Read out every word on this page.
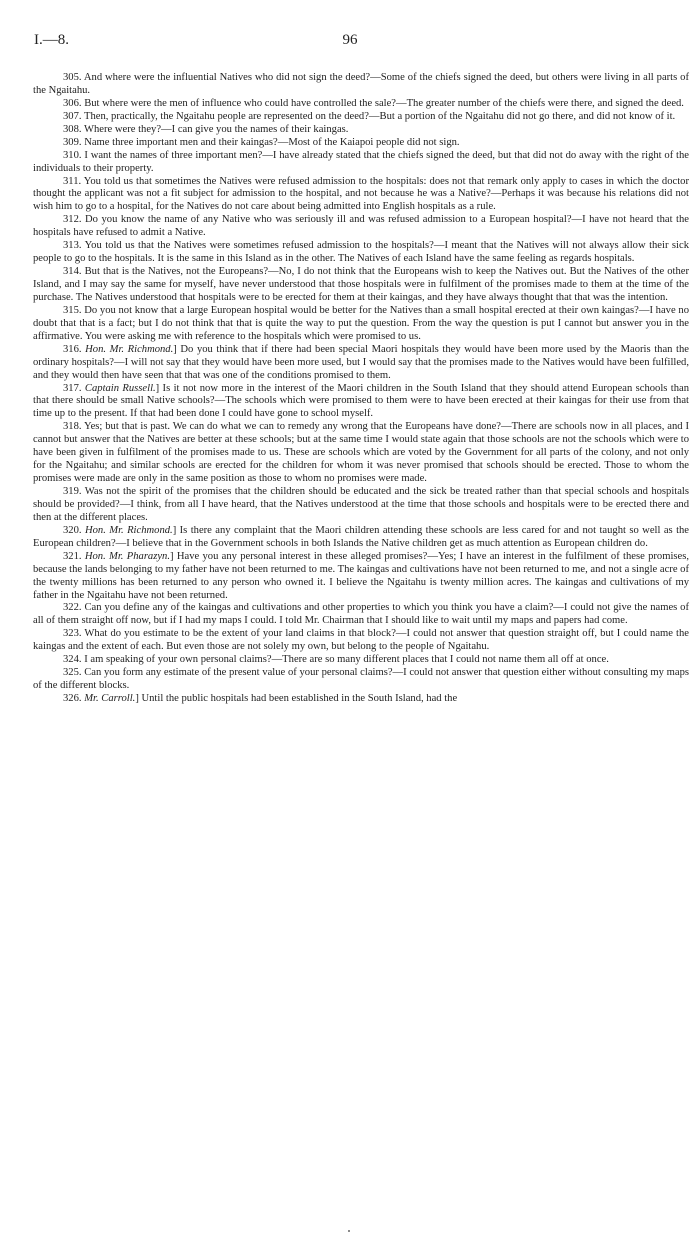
I.—8.	96

305. And where were the influential Natives who did not sign the deed?—Some of the chiefs signed the deed, but others were living in all parts of the Ngaitahu.

306. But where were the men of influence who could have controlled the sale?—The greater number of the chiefs were there, and signed the deed.

307. Then, practically, the Ngaitahu people are represented on the deed?—But a portion of the Ngaitahu did not go there, and did not know of it.

308. Where were they?—I can give you the names of their kaingas.

309. Name three important men and their kaingas?—Most of the Kaiapoi people did not sign.

310. I want the names of three important men?—I have already stated that the chiefs signed the deed, but that did not do away with the right of the individuals to their property.

311. You told us that sometimes the Natives were refused admission to the hospitals: does not that remark only apply to cases in which the doctor thought the applicant was not a fit subject for admission to the hospital, and not because he was a Native?—Perhaps it was because his relations did not wish him to go to a hospital, for the Natives do not care about being admitted into English hospitals as a rule.

312. Do you know the name of any Native who was seriously ill and was refused admission to a European hospital?—I have not heard that the hospitals have refused to admit a Native.

313. You told us that the Natives were sometimes refused admission to the hospitals?—I meant that the Natives will not always allow their sick people to go to the hospitals. It is the same in this Island as in the other. The Natives of each Island have the same feeling as regards hospitals.

314. But that is the Natives, not the Europeans?—No, I do not think that the Europeans wish to keep the Natives out. But the Natives of the other Island, and I may say the same for myself, have never understood that those hospitals were in fulfilment of the promises made to them at the time of the purchase. The Natives understood that hospitals were to be erected for them at their kaingas, and they have always thought that that was the intention.

315. Do you not know that a large European hospital would be better for the Natives than a small hospital erected at their own kaingas?—I have no doubt that that is a fact; but I do not think that that is quite the way to put the question. From the way the question is put I cannot but answer you in the affirmative. You were asking me with reference to the hospitals which were promised to us.

316. Hon. Mr. Richmond.] Do you think that if there had been special Maori hospitals they would have been more used by the Maoris than the ordinary hospitals?—I will not say that they would have been more used, but I would say that the promises made to the Natives would have been fulfilled, and they would then have seen that that was one of the conditions promised to them.

317. Captain Russell.] Is it not now more in the interest of the Maori children in the South Island that they should attend European schools than that there should be small Native schools?—The schools which were promised to them were to have been erected at their kaingas for their use from that time up to the present. If that had been done I could have gone to school myself.

318. Yes; but that is past. We can do what we can to remedy any wrong that the Europeans have done?—There are schools now in all places, and I cannot but answer that the Natives are better at these schools; but at the same time I would state again that those schools are not the schools which were to have been given in fulfilment of the promises made to us. These are schools which are voted by the Government for all parts of the colony, and not only for the Ngaitahu; and similar schools are erected for the children for whom it was never promised that schools should be erected. Those to whom the promises were made are only in the same position as those to whom no promises were made.

319. Was not the spirit of the promises that the children should be educated and the sick be treated rather than that special schools and hospitals should be provided?—I think, from all I have heard, that the Natives understood at the time that those schools and hospitals were to be erected there and then at the different places.

320. Hon. Mr. Richmond.] Is there any complaint that the Maori children attending these schools are less cared for and not taught so well as the European children?—I believe that in the Government schools in both Islands the Native children get as much attention as European children do.

321. Hon. Mr. Pharazyn.] Have you any personal interest in these alleged promises?—Yes; I have an interest in the fulfilment of these promises, because the lands belonging to my father have not been returned to me. The kaingas and cultivations have not been returned to me, and not a single acre of the twenty millions has been returned to any person who owned it. I believe the Ngaitahu is twenty million acres. The kaingas and cultivations of my father in the Ngaitahu have not been returned.

322. Can you define any of the kaingas and cultivations and other properties to which you think you have a claim?—I could not give the names of all of them straight off now, but if I had my maps I could. I told Mr. Chairman that I should like to wait until my maps and papers had come.

323. What do you estimate to be the extent of your land claims in that block?—I could not answer that question straight off, but I could name the kaingas and the extent of each. But even those are not solely my own, but belong to the people of Ngaitahu.

324. I am speaking of your own personal claims?—There are so many different places that I could not name them all off at once.

325. Can you form any estimate of the present value of your personal claims?—I could not answer that question either without consulting my maps of the different blocks.

326. Mr. Carroll.] Until the public hospitals had been established in the South Island, had the
